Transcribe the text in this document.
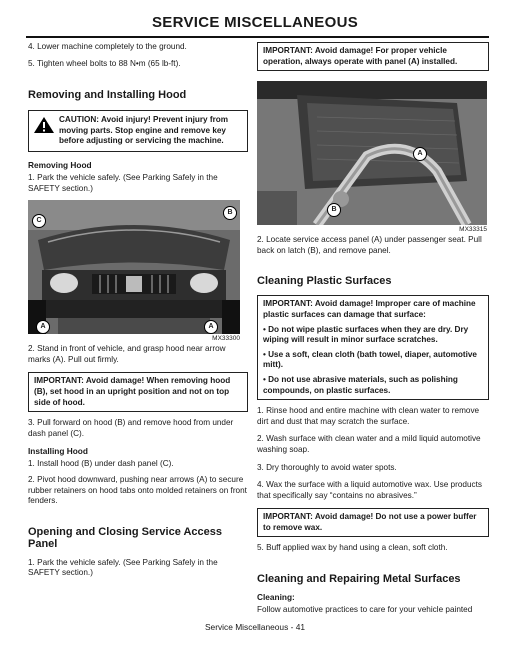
SERVICE MISCELLANEOUS

4. Lower machine completely to the ground.

5. Tighten wheel bolts to 88 N•m (65 lb-ft).

Removing and Installing Hood
CAUTION: Avoid injury! Prevent injury from moving parts. Stop engine and remove key before adjusting or servicing the machine.
Removing Hood

1. Park the vehicle safely. (See Parking Safely in the SAFETY section.)

B
C
A	A
MX33300

2. Stand in front of vehicle, and grasp hood near arrow marks (A). Pull out firmly.

IMPORTANT: Avoid damage! When removing hood (B), set hood in an upright position and not on top side of hood.

3. Pull forward on hood (B) and remove hood from under dash panel (C).

Installing Hood

1. Install hood (B) under dash panel (C).

2. Pivot hood downward, pushing near arrows (A) to secure rubber retainers on hood tabs onto molded retainers on front fenders.

Opening and Closing Service Access Panel

1. Park the vehicle safely. (See Parking Safely in the SAFETY section.)

IMPORTANT: Avoid damage! For proper vehicle operation, always operate with panel (A) installed.
A
B
MX33315

2. Locate service access panel (A) under passenger seat. Pull back on latch (B), and remove panel.

Cleaning Plastic Surfaces

IMPORTANT: Avoid damage! Improper care of machine plastic surfaces can damage that surface:

• Do not wipe plastic surfaces when they are dry. Dry wiping will result in minor surface scratches.

• Use a soft, clean cloth (bath towel, diaper, automotive mitt).

• Do not use abrasive materials, such as polishing compounds, on plastic surfaces.

1. Rinse hood and entire machine with clean water to remove dirt and dust that may scratch the surface.

2. Wash surface with clean water and a mild liquid automotive washing soap.

3. Dry thoroughly to avoid water spots.

4. Wax the surface with a liquid automotive wax. Use products that specifically say “contains no abrasives.”

IMPORTANT: Avoid damage! Do not use a power buffer to remove wax.

5. Buff applied wax by hand using a clean, soft cloth.

Cleaning and Repairing Metal Surfaces
Cleaning:

Follow automotive practices to care for your vehicle painted

Service Miscellaneous - 41
